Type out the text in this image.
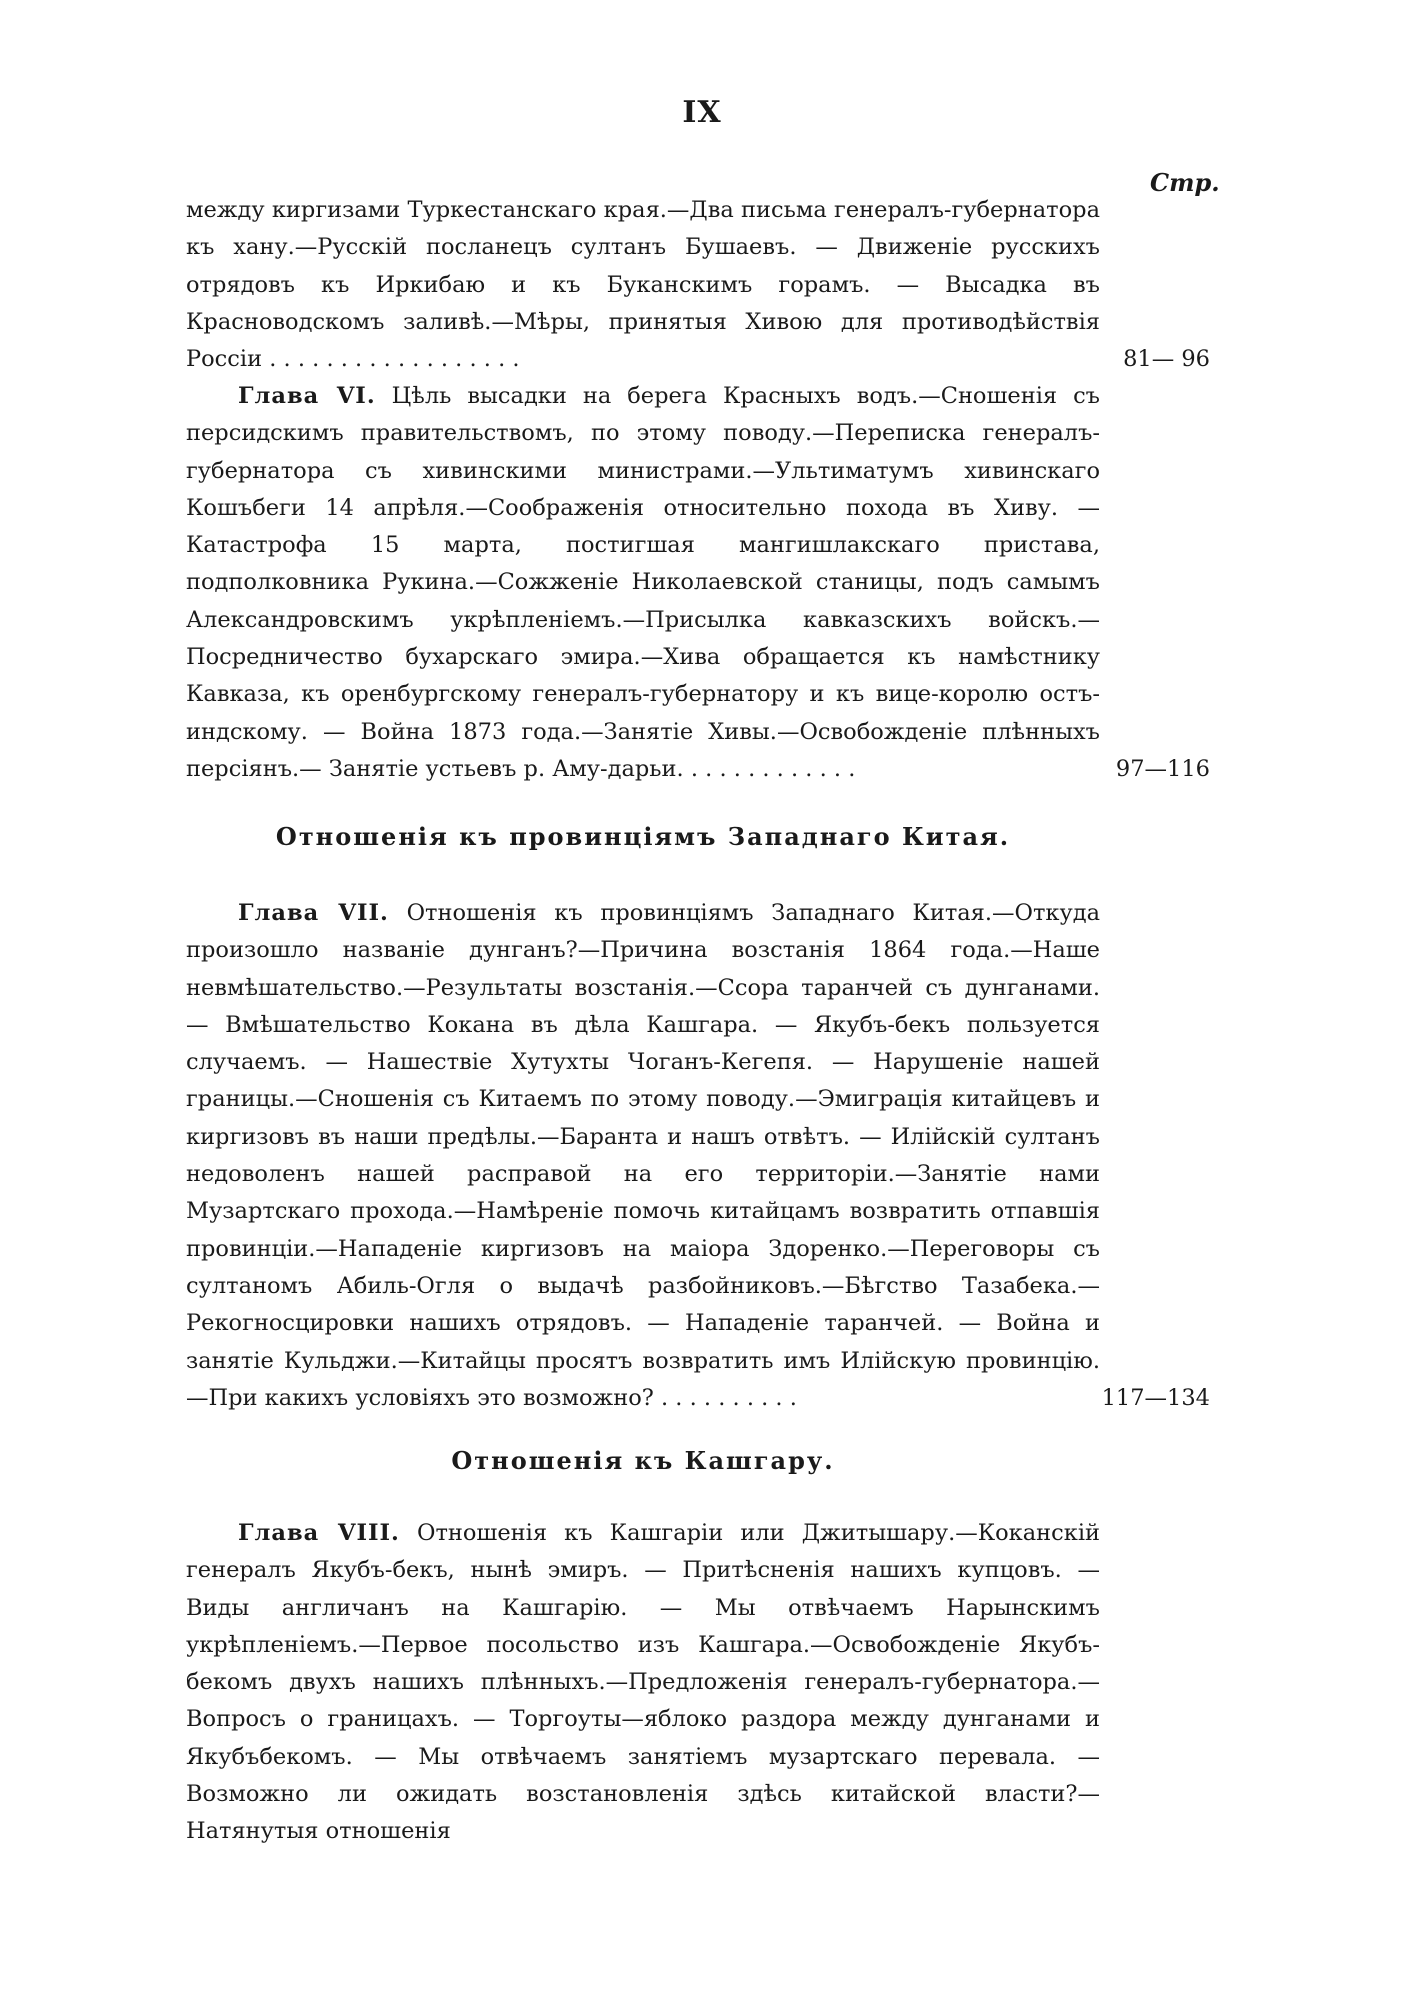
IX
Стр.
между киргизами Туркестанскаго края.—Два письма генералъ-губернатора къ хану.—Русскій посланецъ султанъ Бушаевъ. — Движеніе русскихъ отрядовъ къ Иркибаю и къ Буканскимъ горамъ. — Высадка въ Красноводскомъ заливѣ.—Мѣры, принятыя Хивою для противодѣйствія Россіи . . . . . . . . . . . . . . . . . .	81— 96
Глава VI. Цѣль высадки на берега Красныхъ водъ.—Сношенія съ персидскимъ правительствомъ, по этому поводу.—Переписка генералъ-губернатора съ хивинскими министрами.—Ультиматумъ хивинскаго Кошъбеги 14 апрѣля.—Соображенія относительно похода въ Хиву. — Катастрофа 15 марта, постигшая мангишлакскаго пристава, подполковника Рукина.—Сожженіе Николаевской станицы, подъ самымъ Александровскимъ укрѣпленіемъ.—Присылка кавказскихъ войскъ.— Посредничество бухарскаго эмира.—Хива обращается къ намѣстнику Кавказа, къ оренбургскому генералъ-губернатору и къ вице-королю остъ-индскому. — Война 1873 года.—Занятіе Хивы.—Освобожденіе плѣнныхъ персіянъ.— Занятіе устьевъ р. Аму-дарьи. . . . . . . . . . . . .	97—116
Отношенія къ провинціямъ Западнаго Китая.
Глава VII. Отношенія къ провинціямъ Западнаго Китая.—Откуда произошло названіе дунганъ?—Причина возстанія 1864 года.—Наше невмѣшательство.—Результаты возстанія.—Ссора таранчей съ дунганами.— Вмѣшательство Кокана въ дѣла Кашгара. — Якубъ-бекъ пользуется случаемъ. — Нашествіе Хутухты Чоганъ-Кегепя. — Нарушеніе нашей границы.—Сношенія съ Китаемъ по этому поводу.—Эмиграція китайцевъ и киргизовъ въ наши предѣлы.—Баранта и нашъ отвѣтъ. — Илійскій султанъ недоволенъ нашей расправой на его территоріи.—Занятіе нами Музартскаго прохода.—Намѣреніе помочь китайцамъ возвратить отпавшія провинціи.—Нападеніе киргизовъ на маіора Здоренко.—Переговоры съ султаномъ Абиль-Огля о выдачѣ разбойниковъ.—Бѣгство Тазабека.— Рекогносцировки нашихъ отрядовъ. — Нападеніе таранчей. — Война и занятіе Кульджи.—Китайцы просятъ возвратить имъ Илійскую провинцію.—При какихъ условіяхъ это возможно? . . . . . . . . . .	117—134
Отношенія къ Кашгару.
Глава VIII. Отношенія къ Кашгаріи или Джитышару.—Коканскій генералъ Якубъ-бекъ, нынѣ эмиръ. — Притѣсненія нашихъ купцовъ. — Виды англичанъ на Кашгарію. — Мы отвѣчаемъ Нарынскимъ укрѣпленіемъ.—Первое посольство изъ Кашгара.—Освобожденіе Якубъ-бекомъ двухъ нашихъ плѣнныхъ.—Предложенія генералъ-губернатора.—Вопросъ о границахъ. — Торгоуты—яблоко раздора между дунганами и Якубъбекомъ. — Мы отвѣчаемъ занятіемъ музартскаго перевала. — Возможно ли ожидать возстановленія здѣсь китайской власти?—Натянутыя отношенія
